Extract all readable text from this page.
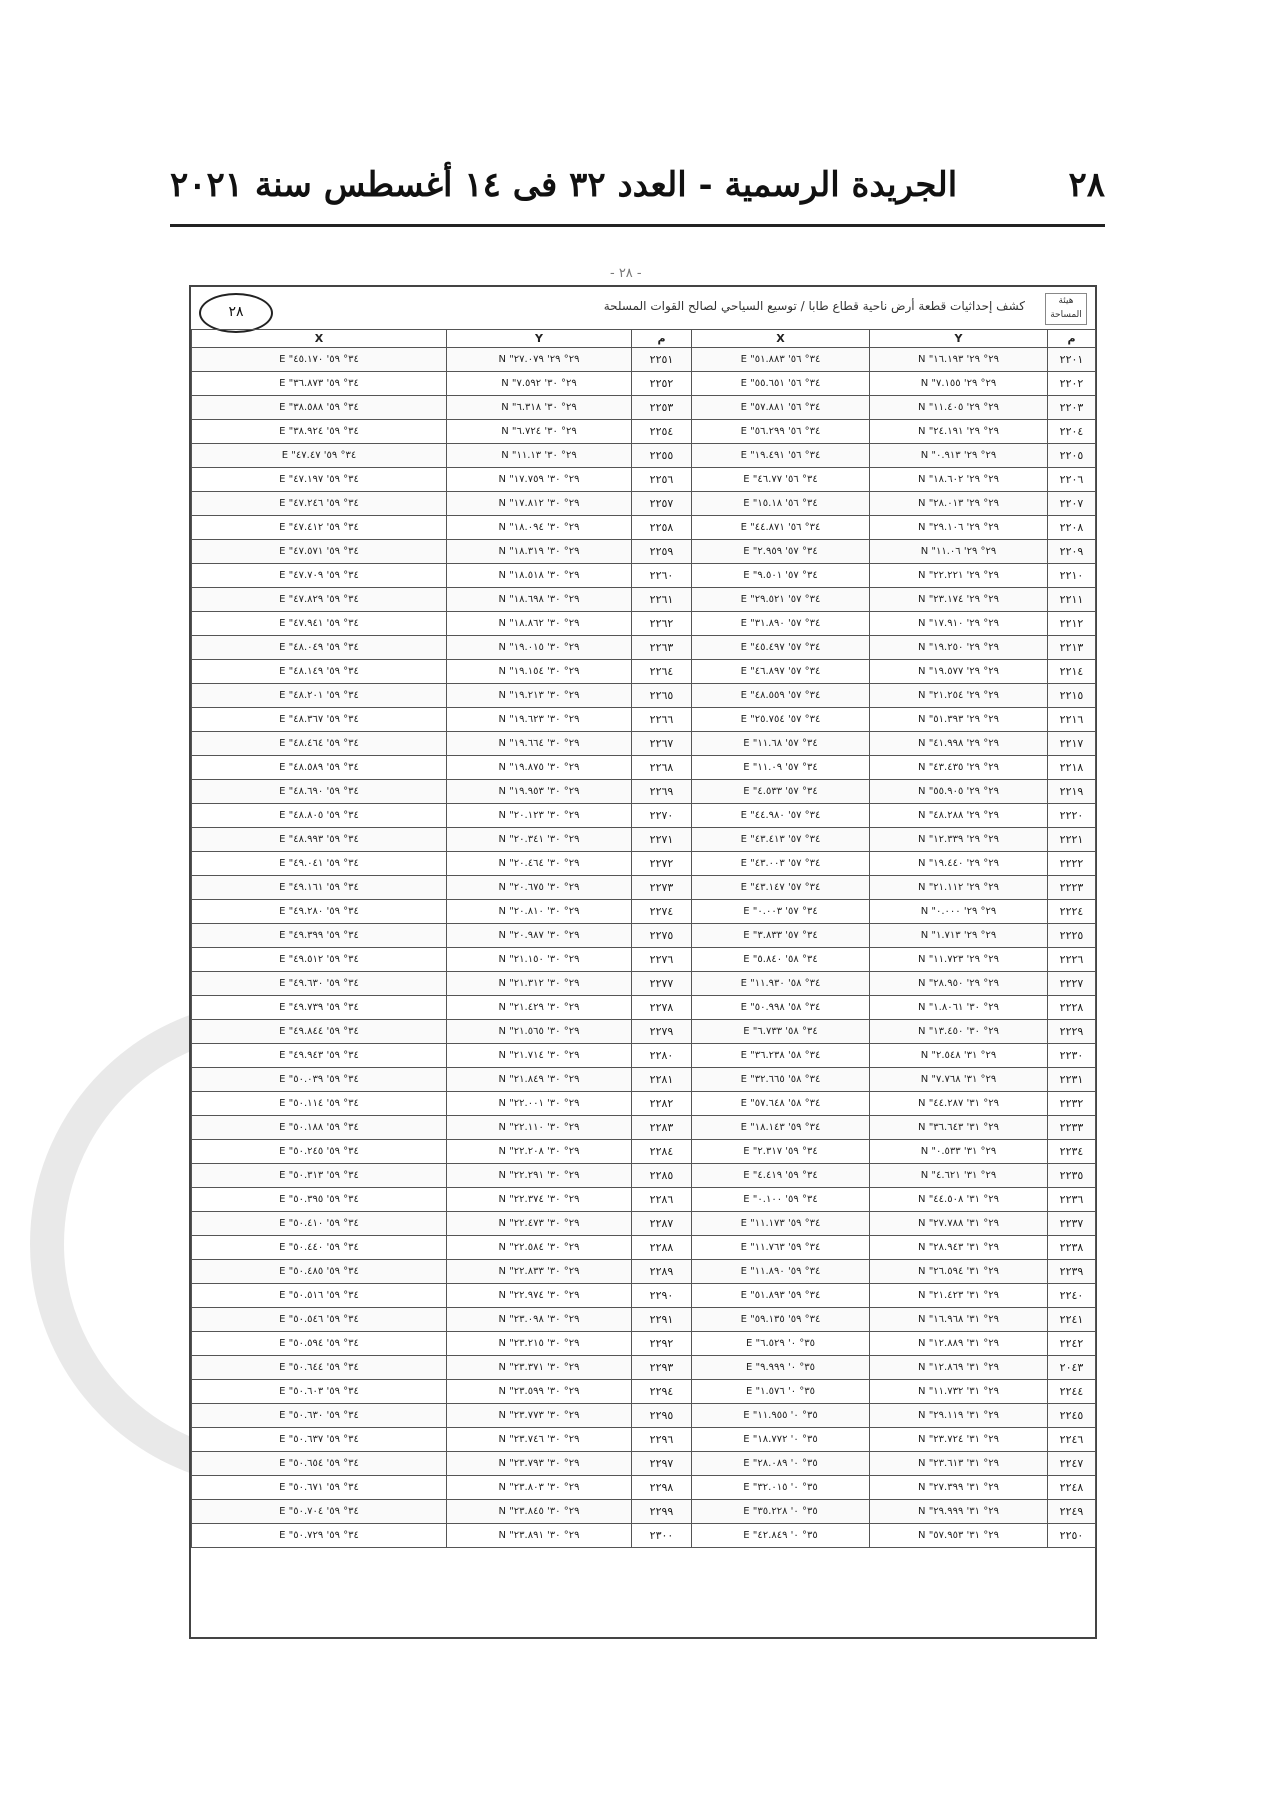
٢٨
الجريدة الرسمية - العدد ٣٢ فى ١٤ أغسطس سنة ٢٠٢١
- ٢٨ -
هيئة المساحة
كشف إحداثيات قطعة أرض ناحية قطاع طابا / توسيع السياحي لصالح القوات المسلحة
٢٨
م	Y	X	م	Y	X
٢٢٠١	٢٩° ٢٩' ١٦.١٩٣" N	٣٤° ٥٦' ٥١.٨٨٣" E	٢٢٥١	٢٩° ٢٩' ٢٧.٠٧٩" N	٣٤° ٥٩' ٤٥.١٧٠" E
٢٢٠٢	٢٩° ٢٩' ٧.١٥٥" N	٣٤° ٥٦' ٥٥.٦٥١" E	٢٢٥٢	٢٩° ٣٠' ٧.٥٩٢" N	٣٤° ٥٩' ٣٦.٨٧٣" E
٢٢٠٣	٢٩° ٢٩' ١١.٤٠٥" N	٣٤° ٥٦' ٥٧.٨٨١" E	٢٢٥٣	٢٩° ٣٠' ٦.٣١٨" N	٣٤° ٥٩' ٣٨.٥٨٨" E
٢٢٠٤	٢٩° ٢٩' ٢٤.١٩١" N	٣٤° ٥٦' ٥٦.٢٩٩" E	٢٢٥٤	٢٩° ٣٠' ٦.٧٢٤" N	٣٤° ٥٩' ٣٨.٩٢٤" E
٢٢٠٥	٢٩° ٢٩' ٠.٩١٣" N	٣٤° ٥٦' ١٩.٤٩١" E	٢٢٥٥	٢٩° ٣٠' ١١.١٣" N	٣٤° ٥٩' ٤٧.٤٧" E
٢٢٠٦	٢٩° ٢٩' ١٨.٦٠٢" N	٣٤° ٥٦' ٤٦.٧٧" E	٢٢٥٦	٢٩° ٣٠' ١٧.٧٥٩" N	٣٤° ٥٩' ٤٧.١٩٧" E
٢٢٠٧	٢٩° ٢٩' ٢٨.٠١٣" N	٣٤° ٥٦' ١٥.١٨" E	٢٢٥٧	٢٩° ٣٠' ١٧.٨١٢" N	٣٤° ٥٩' ٤٧.٢٤٦" E
٢٢٠٨	٢٩° ٢٩' ٢٩.١٠٦" N	٣٤° ٥٦' ٤٤.٨٧١" E	٢٢٥٨	٢٩° ٣٠' ١٨.٠٩٤" N	٣٤° ٥٩' ٤٧.٤١٢" E
٢٢٠٩	٢٩° ٢٩' ١١.٠٦" N	٣٤° ٥٧' ٢.٩٥٩" E	٢٢٥٩	٢٩° ٣٠' ١٨.٣١٩" N	٣٤° ٥٩' ٤٧.٥٧١" E
٢٢١٠	٢٩° ٢٩' ٢٢.٢٢١" N	٣٤° ٥٧' ٩.٥٠١" E	٢٢٦٠	٢٩° ٣٠' ١٨.٥١٨" N	٣٤° ٥٩' ٤٧.٧٠٩" E
٢٢١١	٢٩° ٢٩' ٢٣.١٧٤" N	٣٤° ٥٧' ٢٩.٥٢١" E	٢٢٦١	٢٩° ٣٠' ١٨.٦٩٨" N	٣٤° ٥٩' ٤٧.٨٢٩" E
٢٢١٢	٢٩° ٢٩' ١٧.٩١٠" N	٣٤° ٥٧' ٣١.٨٩٠" E	٢٢٦٢	٢٩° ٣٠' ١٨.٨٦٢" N	٣٤° ٥٩' ٤٧.٩٤١" E
٢٢١٣	٢٩° ٢٩' ١٩.٢٥٠" N	٣٤° ٥٧' ٤٥.٤٩٧" E	٢٢٦٣	٢٩° ٣٠' ١٩.٠١٥" N	٣٤° ٥٩' ٤٨.٠٤٩" E
٢٢١٤	٢٩° ٢٩' ١٩.٥٧٧" N	٣٤° ٥٧' ٤٦.٨٩٧" E	٢٢٦٤	٢٩° ٣٠' ١٩.١٥٤" N	٣٤° ٥٩' ٤٨.١٤٩" E
٢٢١٥	٢٩° ٢٩' ٢١.٢٥٤" N	٣٤° ٥٧' ٤٨.٥٥٩" E	٢٢٦٥	٢٩° ٣٠' ١٩.٢١٣" N	٣٤° ٥٩' ٤٨.٢٠١" E
٢٢١٦	٢٩° ٢٩' ٥١.٣٩٣" N	٣٤° ٥٧' ٢٥.٧٥٤" E	٢٢٦٦	٢٩° ٣٠' ١٩.٦٢٣" N	٣٤° ٥٩' ٤٨.٣٦٧" E
٢٢١٧	٢٩° ٢٩' ٤١.٩٩٨" N	٣٤° ٥٧' ١١.٦٨" E	٢٢٦٧	٢٩° ٣٠' ١٩.٦٦٤" N	٣٤° ٥٩' ٤٨.٤٦٤" E
٢٢١٨	٢٩° ٢٩' ٤٣.٤٣٥" N	٣٤° ٥٧' ١١.٠٩" E	٢٢٦٨	٢٩° ٣٠' ١٩.٨٧٥" N	٣٤° ٥٩' ٤٨.٥٨٩" E
٢٢١٩	٢٩° ٢٩' ٥٥.٩٠٥" N	٣٤° ٥٧' ٤.٥٣٣" E	٢٢٦٩	٢٩° ٣٠' ١٩.٩٥٣" N	٣٤° ٥٩' ٤٨.٦٩٠" E
٢٢٢٠	٢٩° ٢٩' ٤٨.٢٨٨" N	٣٤° ٥٧' ٤٤.٩٨٠" E	٢٢٧٠	٢٩° ٣٠' ٢٠.١٢٣" N	٣٤° ٥٩' ٤٨.٨٠٥" E
٢٢٢١	٢٩° ٢٩' ١٢.٣٣٩" N	٣٤° ٥٧' ٤٣.٤١٣" E	٢٢٧١	٢٩° ٣٠' ٢٠.٣٤١" N	٣٤° ٥٩' ٤٨.٩٩٣" E
٢٢٢٢	٢٩° ٢٩' ١٩.٤٤٠" N	٣٤° ٥٧' ٤٣.٠٠٣" E	٢٢٧٢	٢٩° ٣٠' ٢٠.٤٦٤" N	٣٤° ٥٩' ٤٩.٠٤١" E
٢٢٢٣	٢٩° ٢٩' ٢١.١١٢" N	٣٤° ٥٧' ٤٣.١٤٧" E	٢٢٧٣	٢٩° ٣٠' ٢٠.٦٧٥" N	٣٤° ٥٩' ٤٩.١٦١" E
٢٢٢٤	٢٩° ٢٩' ٠.٠٠٠" N	٣٤° ٥٧' ٠.٠٠٣" E	٢٢٧٤	٢٩° ٣٠' ٢٠.٨١٠" N	٣٤° ٥٩' ٤٩.٢٨٠" E
٢٢٢٥	٢٩° ٢٩' ١.٧١٣" N	٣٤° ٥٧' ٣.٨٣٣" E	٢٢٧٥	٢٩° ٣٠' ٢٠.٩٨٧" N	٣٤° ٥٩' ٤٩.٣٩٩" E
٢٢٢٦	٢٩° ٢٩' ١١.٧٢٣" N	٣٤° ٥٨' ٥.٨٤٠" E	٢٢٧٦	٢٩° ٣٠' ٢١.١٥٠" N	٣٤° ٥٩' ٤٩.٥١٢" E
٢٢٢٧	٢٩° ٢٩' ٢٨.٩٥٠" N	٣٤° ٥٨' ١١.٩٣٠" E	٢٢٧٧	٢٩° ٣٠' ٢١.٣١٢" N	٣٤° ٥٩' ٤٩.٦٣٠" E
٢٢٢٨	٢٩° ٣٠' ١.٨٠٦١" N	٣٤° ٥٨' ٥٠.٩٩٨" E	٢٢٧٨	٢٩° ٣٠' ٢١.٤٢٩" N	٣٤° ٥٩' ٤٩.٧٣٩" E
٢٢٢٩	٢٩° ٣٠' ١٣.٤٥٠" N	٣٤° ٥٨' ٦.٧٣٣" E	٢٢٧٩	٢٩° ٣٠' ٢١.٥٦٥" N	٣٤° ٥٩' ٤٩.٨٤٤" E
٢٢٣٠	٢٩° ٣١' ٢.٥٤٨" N	٣٤° ٥٨' ٣٦.٢٣٨" E	٢٢٨٠	٢٩° ٣٠' ٢١.٧١٤" N	٣٤° ٥٩' ٤٩.٩٤٣" E
٢٢٣١	٢٩° ٣١' ٧.٧٦٨" N	٣٤° ٥٨' ٣٢.٦٦٥" E	٢٢٨١	٢٩° ٣٠' ٢١.٨٤٩" N	٣٤° ٥٩' ٥٠.٠٣٩" E
٢٢٣٢	٢٩° ٣١' ٤٤.٢٨٧" N	٣٤° ٥٨' ٥٧.٦٤٨" E	٢٢٨٢	٢٩° ٣٠' ٢٢.٠٠١" N	٣٤° ٥٩' ٥٠.١١٤" E
٢٢٣٣	٢٩° ٣١' ٣٦.٦٤٣" N	٣٤° ٥٩' ١٨.١٤٣" E	٢٢٨٣	٢٩° ٣٠' ٢٢.١١٠" N	٣٤° ٥٩' ٥٠.١٨٨" E
٢٢٣٤	٢٩° ٣١' ٠.٥٣٣" N	٣٤° ٥٩' ٢.٣١٧" E	٢٢٨٤	٢٩° ٣٠' ٢٢.٢٠٨" N	٣٤° ٥٩' ٥٠.٢٤٥" E
٢٢٣٥	٢٩° ٣١' ٤.٦٢١" N	٣٤° ٥٩' ٤.٤١٩" E	٢٢٨٥	٢٩° ٣٠' ٢٢.٢٩١" N	٣٤° ٥٩' ٥٠.٣١٣" E
٢٢٣٦	٢٩° ٣١' ٤٤.٥٠٨" N	٣٤° ٥٩' ٠.١٠٠" E	٢٢٨٦	٢٩° ٣٠' ٢٢.٣٧٤" N	٣٤° ٥٩' ٥٠.٣٩٥" E
٢٢٣٧	٢٩° ٣١' ٢٧.٧٨٨" N	٣٤° ٥٩' ١١.١٧٣" E	٢٢٨٧	٢٩° ٣٠' ٢٢.٤٧٣" N	٣٤° ٥٩' ٥٠.٤١٠" E
٢٢٣٨	٢٩° ٣١' ٢٨.٩٤٣" N	٣٤° ٥٩' ١١.٧٦٣" E	٢٢٨٨	٢٩° ٣٠' ٢٢.٥٨٤" N	٣٤° ٥٩' ٥٠.٤٤٠" E
٢٢٣٩	٢٩° ٣١' ٢٦.٥٩٤" N	٣٤° ٥٩' ١١.٨٩٠" E	٢٢٨٩	٢٩° ٣٠' ٢٢.٨٣٣" N	٣٤° ٥٩' ٥٠.٤٨٥" E
٢٢٤٠	٢٩° ٣١' ٢١.٤٢٣" N	٣٤° ٥٩' ٥١.٨٩٣" E	٢٢٩٠	٢٩° ٣٠' ٢٢.٩٧٤" N	٣٤° ٥٩' ٥٠.٥١٦" E
٢٢٤١	٢٩° ٣١' ١٦.٩٦٨" N	٣٤° ٥٩' ٥٩.١٣٥" E	٢٢٩١	٢٩° ٣٠' ٢٣.٠٩٨" N	٣٤° ٥٩' ٥٠.٥٤٦" E
٢٢٤٢	٢٩° ٣١' ١٢.٨٨٩" N	٣٥° ٠' ٦.٥٢٩" E	٢٢٩٢	٢٩° ٣٠' ٢٣.٢١٥" N	٣٤° ٥٩' ٥٠.٥٩٤" E
٢٠٤٣	٢٩° ٣١' ١٢.٨٦٩" N	٣٥° ٠' ٩.٩٩٩" E	٢٢٩٣	٢٩° ٣٠' ٢٣.٣٧١" N	٣٤° ٥٩' ٥٠.٦٤٤" E
٢٢٤٤	٢٩° ٣١' ١١.٧٣٢" N	٣٥° ٠' ١.٥٧٦" E	٢٢٩٤	٢٩° ٣٠' ٢٣.٥٩٩" N	٣٤° ٥٩' ٥٠.٦٠٣" E
٢٢٤٥	٢٩° ٣١' ٢٩.١١٩" N	٣٥° ٠' ١١.٩٥٥" E	٢٢٩٥	٢٩° ٣٠' ٢٣.٧٧٣" N	٣٤° ٥٩' ٥٠.٦٣٠" E
٢٢٤٦	٢٩° ٣١' ٢٣.٧٢٤" N	٣٥° ٠' ١٨.٧٧٢" E	٢٢٩٦	٢٩° ٣٠' ٢٣.٧٤٦" N	٣٤° ٥٩' ٥٠.٦٣٧" E
٢٢٤٧	٢٩° ٣١' ٢٣.٦١٣" N	٣٥° ٠' ٢٨.٠٨٩" E	٢٢٩٧	٢٩° ٣٠' ٢٣.٧٩٣" N	٣٤° ٥٩' ٥٠.٦٥٤" E
٢٢٤٨	٢٩° ٣١' ٢٧.٣٩٩" N	٣٥° ٠' ٣٢.٠١٥" E	٢٢٩٨	٢٩° ٣٠' ٢٣.٨٠٣" N	٣٤° ٥٩' ٥٠.٦٧١" E
٢٢٤٩	٢٩° ٣١' ٢٩.٩٩٩" N	٣٥° ٠' ٣٥.٢٢٨" E	٢٢٩٩	٢٩° ٣٠' ٢٣.٨٤٥" N	٣٤° ٥٩' ٥٠.٧٠٤" E
٢٢٥٠	٢٩° ٣١' ٥٧.٩٥٣" N	٣٥° ٠' ٤٢.٨٤٩" E	٢٣٠٠	٢٩° ٣٠' ٢٣.٨٩١" N	٣٤° ٥٩' ٥٠.٧٢٩" E
